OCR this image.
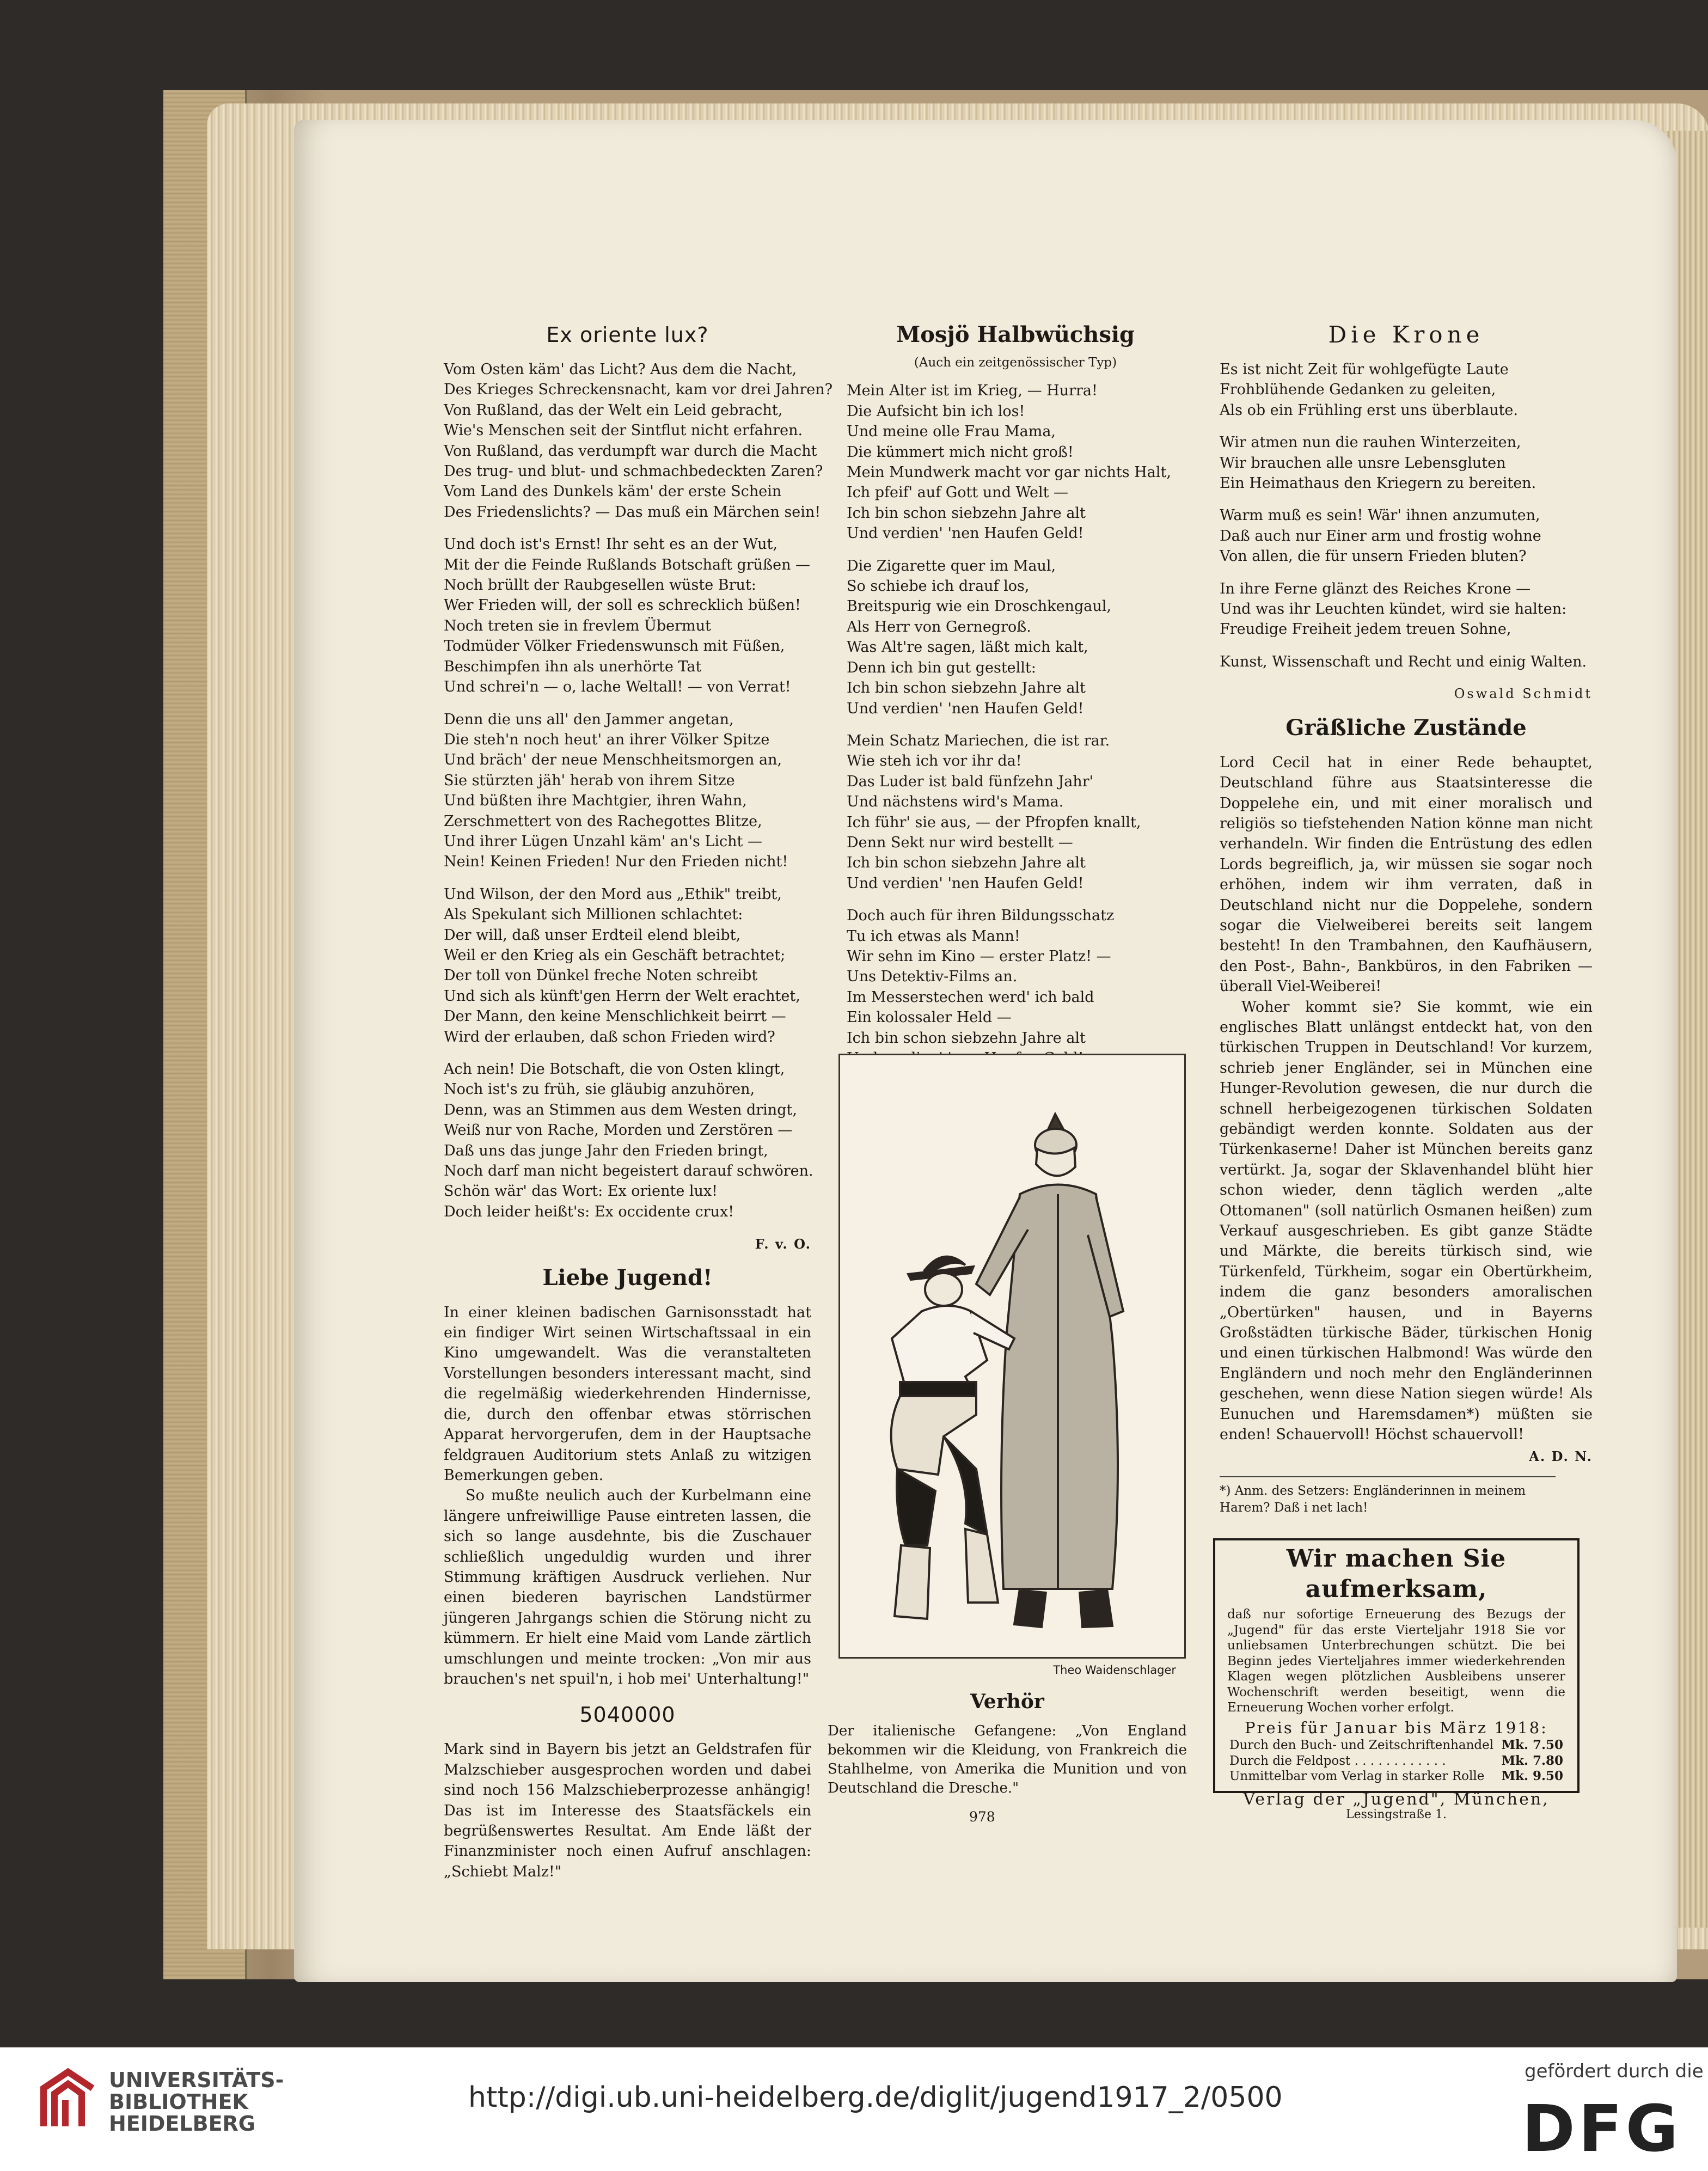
Ex oriente lux?
Vom Osten käm' das Licht? Aus dem die Nacht,
Des Krieges Schreckensnacht, kam vor drei Jahren?
Von Rußland, das der Welt ein Leid gebracht,
Wie's Menschen seit der Sintflut nicht erfahren.
Von Rußland, das verdumpft war durch die Macht
Des trug- und blut- und schmachbedeckten Zaren?
Vom Land des Dunkels käm' der erste Schein
Des Friedenslichts? — Das muß ein Märchen sein!
Und doch ist's Ernst! Ihr seht es an der Wut,
Mit der die Feinde Rußlands Botschaft grüßen —
Noch brüllt der Raubgesellen wüste Brut:
Wer Frieden will, der soll es schrecklich büßen!
Noch treten sie in frevlem Übermut
Todmüder Völker Friedenswunsch mit Füßen,
Beschimpfen ihn als unerhörte Tat
Und schrei'n — o, lache Weltall! — von Verrat!
Denn die uns all' den Jammer angetan,
Die steh'n noch heut' an ihrer Völker Spitze
Und bräch' der neue Menschheitsmorgen an,
Sie stürzten jäh' herab von ihrem Sitze
Und büßten ihre Machtgier, ihren Wahn,
Zerschmettert von des Rachegottes Blitze,
Und ihrer Lügen Unzahl käm' an's Licht —
Nein! Keinen Frieden! Nur den Frieden nicht!
Und Wilson, der den Mord aus „Ethik" treibt,
Als Spekulant sich Millionen schlachtet:
Der will, daß unser Erdteil elend bleibt,
Weil er den Krieg als ein Geschäft betrachtet;
Der toll von Dünkel freche Noten schreibt
Und sich als künft'gen Herrn der Welt erachtet,
Der Mann, den keine Menschlichkeit beirrt —
Wird der erlauben, daß schon Frieden wird?
Ach nein! Die Botschaft, die von Osten klingt,
Noch ist's zu früh, sie gläubig anzuhören,
Denn, was an Stimmen aus dem Westen dringt,
Weiß nur von Rache, Morden und Zerstören —
Daß uns das junge Jahr den Frieden bringt,
Noch darf man nicht begeistert darauf schwören.
Schön wär' das Wort: Ex oriente lux!
Doch leider heißt's: Ex occidente crux!
F. v. O.
Liebe Jugend!

In einer kleinen badischen Garnisonsstadt hat ein findiger Wirt seinen Wirtschaftssaal in ein Kino umgewandelt. Was die veranstalteten Vorstellungen besonders interessant macht, sind die regelmäßig wiederkehrenden Hindernisse, die, durch den offenbar etwas störrischen Apparat hervorgerufen, dem in der Hauptsache feldgrauen Auditorium stets Anlaß zu witzigen Bemerkungen geben.

So mußte neulich auch der Kurbelmann eine längere unfreiwillige Pause eintreten lassen, die sich so lange ausdehnte, bis die Zuschauer schließlich ungeduldig wurden und ihrer Stimmung kräftigen Ausdruck verliehen. Nur einen biederen bayrischen Landstürmer jüngeren Jahrgangs schien die Störung nicht zu kümmern. Er hielt eine Maid vom Lande zärtlich umschlungen und meinte trocken: „Von mir aus brauchen's net spuil'n, i hob mei' Unterhaltung!"

5040000

Mark sind in Bayern bis jetzt an Geldstrafen für Malzschieber ausgesprochen worden und dabei sind noch 156 Malzschieberprozesse anhängig! Das ist im Interesse des Staatsfäckels ein begrüßenswertes Resultat. Am Ende läßt der Finanzminister noch einen Aufruf anschlagen: „Schiebt Malz!"

Mosjö Halbwüchsig
(Auch ein zeitgenössischer Typ)
Mein Alter ist im Krieg, — Hurra!
Die Aufsicht bin ich los!
Und meine olle Frau Mama,
Die kümmert mich nicht groß!
Mein Mundwerk macht vor gar nichts Halt,
Ich pfeif' auf Gott und Welt —
Ich bin schon siebzehn Jahre alt
Und verdien' 'nen Haufen Geld!
Die Zigarette quer im Maul,
So schiebe ich drauf los,
Breitspurig wie ein Droschkengaul,
Als Herr von Gernegroß.
Was Alt're sagen, läßt mich kalt,
Denn ich bin gut gestellt:
Ich bin schon siebzehn Jahre alt
Und verdien' 'nen Haufen Geld!
Mein Schatz Mariechen, die ist rar.
Wie steh ich vor ihr da!
Das Luder ist bald fünfzehn Jahr'
Und nächstens wird's Mama.
Ich führ' sie aus, — der Pfropfen knallt,
Denn Sekt nur wird bestellt —
Ich bin schon siebzehn Jahre alt
Und verdien' 'nen Haufen Geld!
Doch auch für ihren Bildungsschatz
Tu ich etwas als Mann!
Wir sehn im Kino — erster Platz! —
Uns Detektiv-Films an.
Im Messerstechen werd' ich bald
Ein kolossaler Held —
Ich bin schon siebzehn Jahre alt
Theo Waidenschlager
Verhör

Der italienische Gefangene: „Von England bekommen wir die Kleidung, von Frankreich die Stahlhelme, von Amerika die Munition und von Deutschland die Dresche."

Die Krone
Es ist nicht Zeit für wohlgefügte Laute
Frohblühende Gedanken zu geleiten,
Als ob ein Frühling erst uns überblaute.
Wir atmen nun die rauhen Winterzeiten,
Wir brauchen alle unsre Lebensgluten
Ein Heimathaus den Kriegern zu bereiten.
Warm muß es sein! Wär' ihnen anzumuten,
Daß auch nur Einer arm und frostig wohne
Von allen, die für unsern Frieden bluten?
In ihre Ferne glänzt des Reiches Krone —
Und was ihr Leuchten kündet, wird sie halten:
Freudige Freiheit jedem treuen Sohne,
Kunst, Wissenschaft und Recht und einig Walten.
Oswald Schmidt
Gräßliche Zustände

Lord Cecil hat in einer Rede behauptet, Deutschland führe aus Staatsinteresse die Doppelehe ein, und mit einer moralisch und religiös so tiefstehenden Nation könne man nicht verhandeln. Wir finden die Entrüstung des edlen Lords begreiflich, ja, wir müssen sie sogar noch erhöhen, indem wir ihm verraten, daß in Deutschland nicht nur die Doppelehe, sondern sogar die Vielweiberei bereits seit langem besteht! In den Trambahnen, den Kaufhäusern, den Post-, Bahn-, Bankbüros, in den Fabriken — überall Viel-Weiberei!

Woher kommt sie? Sie kommt, wie ein englisches Blatt unlängst entdeckt hat, von den türkischen Truppen in Deutschland! Vor kurzem, schrieb jener Engländer, sei in München eine Hunger-Revolution gewesen, die nur durch die schnell herbeigezogenen türkischen Soldaten gebändigt werden konnte. Soldaten aus der Türkenkaserne! Daher ist München bereits ganz vertürkt. Ja, sogar der Sklavenhandel blüht hier schon wieder, denn täglich werden „alte Ottomanen" (soll natürlich Osmanen heißen) zum Verkauf ausgeschrieben. Es gibt ganze Städte und Märkte, die bereits türkisch sind, wie Türkenfeld, Türkheim, sogar ein Obertürkheim, indem die ganz besonders amoralischen „Obertürken" hausen, und in Bayerns Großstädten türkische Bäder, türkischen Honig und einen türkischen Halbmond! Was würde den Engländern und noch mehr den Engländerinnen geschehen, wenn diese Nation siegen würde! Als Eunuchen und Haremsdamen*) müßten sie enden! Schauervoll! Höchst schauervoll!

A. D. N.
*) Anm. des Setzers: Engländerinnen in meinem Harem? Daß i net lach!
Wir machen Sie aufmerksam,
daß nur sofortige Erneuerung des Bezugs der „Jugend" für das erste Vierteljahr 1918 Sie vor unliebsamen Unterbrechungen schützt. Die bei Beginn jedes Vierteljahres immer wiederkehrenden Klagen wegen plötzlichen Ausbleibens unserer Wochenschrift werden beseitigt, wenn die Erneuerung Wochen vorher erfolgt.
Preis für Januar bis März 1918:
Durch den Buch- und Zeitschriftenhandel Mk. 7.50
Durch die Feldpost . . . . . . . . . . . .	Mk. 7.80
Unmittelbar vom Verlag in starker Rolle Mk. 9.50
Verlag der „Jugend", München,
Lessingstraße 1.
978
UNIVERSITÄTS-
BIBLIOTHEK
HEIDELBERG
http://digi.ub.uni-heidelberg.de/diglit/jugend1917_2/0500
gefördert durch die
DFG
